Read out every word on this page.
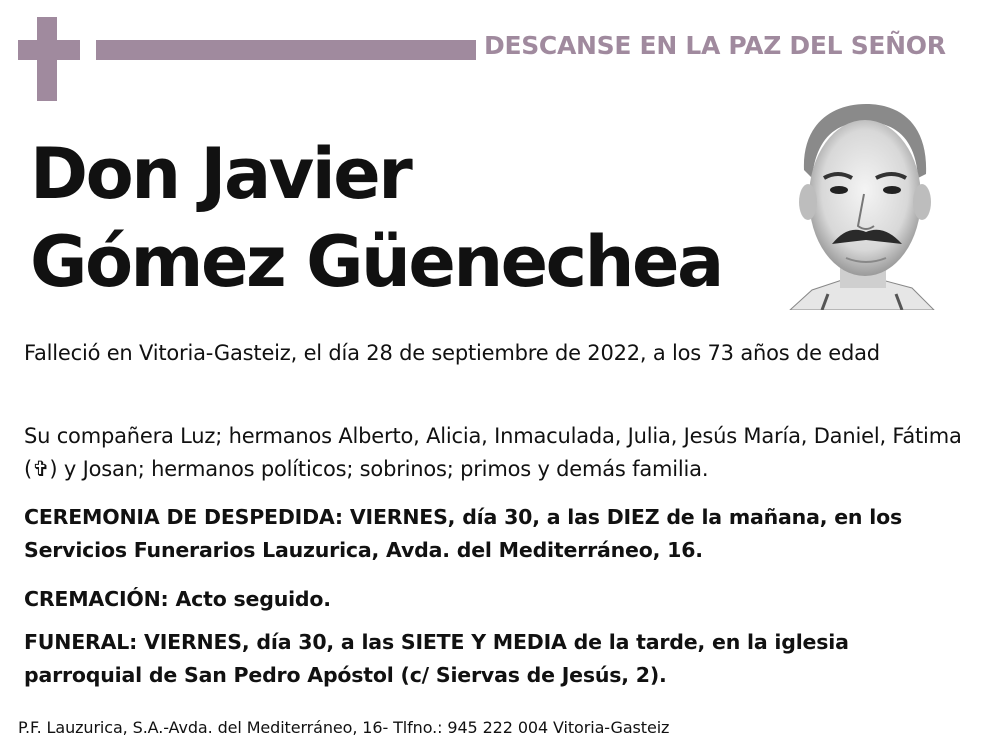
DESCANSE EN LA PAZ DEL SEÑOR
Don Javier
Gómez Güenechea
Falleció en Vitoria-Gasteiz, el día 28 de septiembre de 2022, a los 73 años de edad
Su compañera Luz; hermanos Alberto, Alicia, Inmaculada, Julia, Jesús María, Daniel, Fátima (✞) y Josan; hermanos políticos; sobrinos; primos y demás familia.
CEREMONIA DE DESPEDIDA: VIERNES, día 30, a las DIEZ de la mañana, en los Servicios Funerarios Lauzurica, Avda. del Mediterráneo, 16.
CREMACIÓN: Acto seguido.
FUNERAL: VIERNES, día 30, a las SIETE Y MEDIA de la tarde, en la iglesia parroquial de San Pedro Apóstol (c/ Siervas de Jesús, 2).
P.F. Lauzurica, S.A.-Avda. del Mediterráneo, 16- Tlfno.: 945 222 004 Vitoria-Gasteiz
